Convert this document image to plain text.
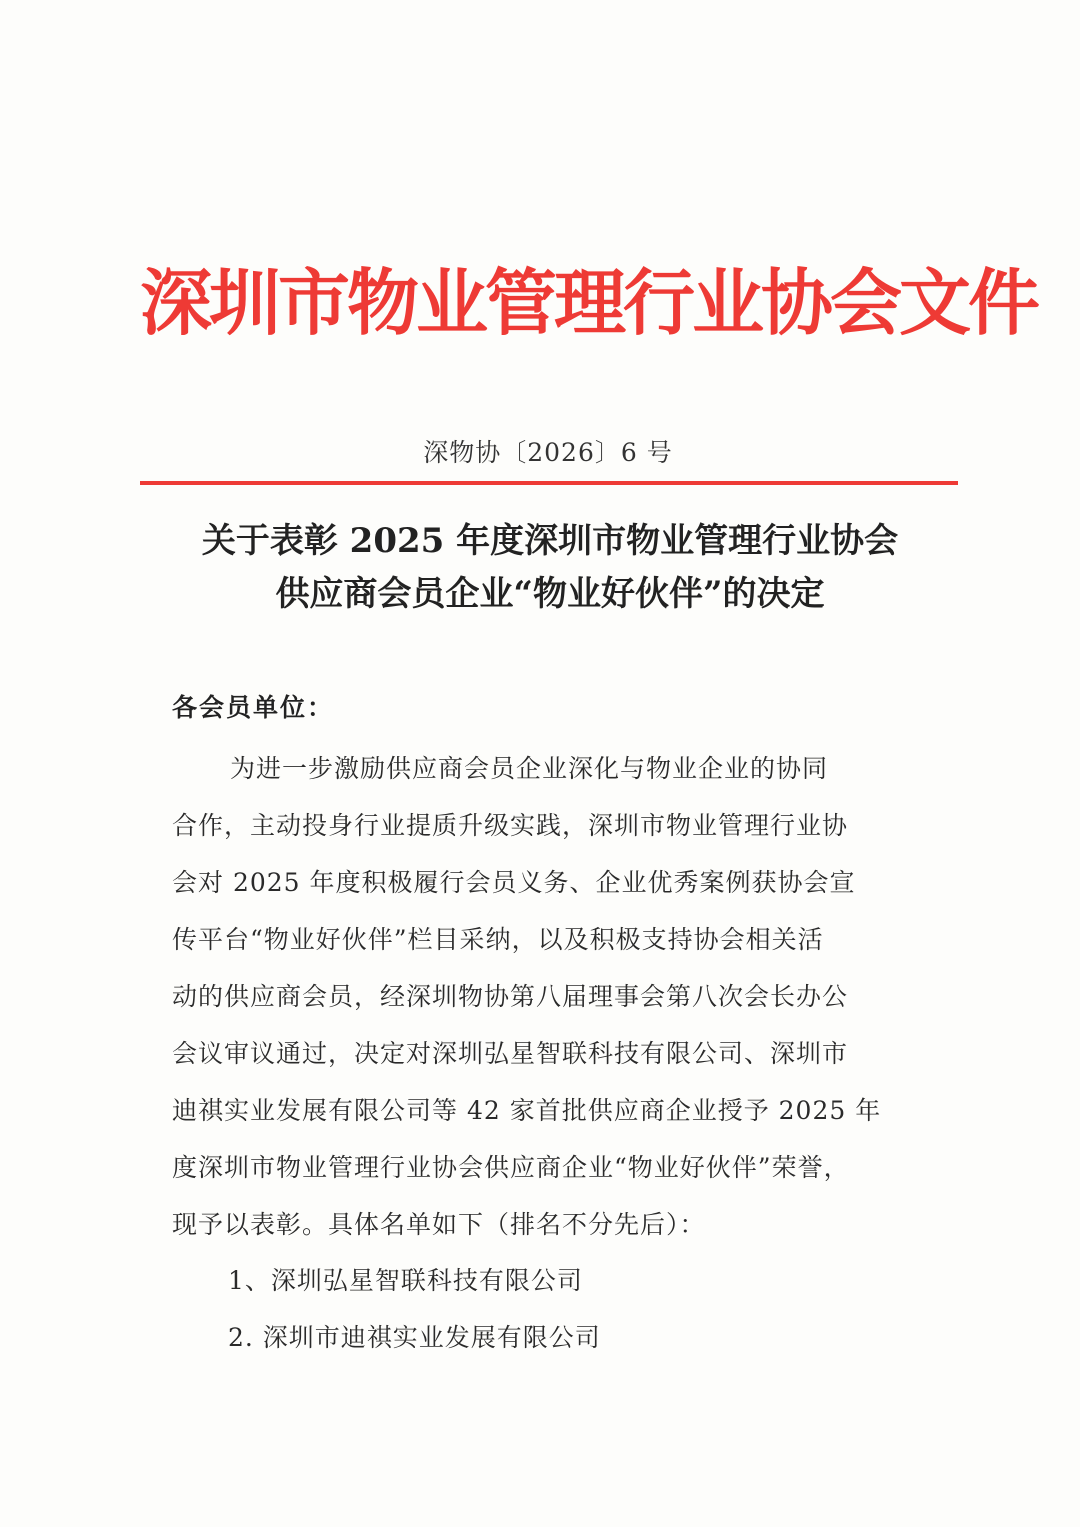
深圳市物业管理行业协会文件
深物协〔2026〕6 号
关于表彰 2025 年度深圳市物业管理行业协会
供应商会员企业“物业好伙伴”的决定
各会员单位：
为进一步激励供应商会员企业深化与物业企业的协同
合作，主动投身行业提质升级实践，深圳市物业管理行业协
会对 2025 年度积极履行会员义务、企业优秀案例获协会宣
传平台“物业好伙伴”栏目采纳，以及积极支持协会相关活
动的供应商会员，经深圳物协第八届理事会第八次会长办公
会议审议通过，决定对深圳弘星智联科技有限公司、深圳市
迪祺实业发展有限公司等 42 家首批供应商企业授予 2025 年
度深圳市物业管理行业协会供应商企业“物业好伙伴”荣誉，
现予以表彰。具体名单如下（排名不分先后）：
1、深圳弘星智联科技有限公司
2. 深圳市迪祺实业发展有限公司
